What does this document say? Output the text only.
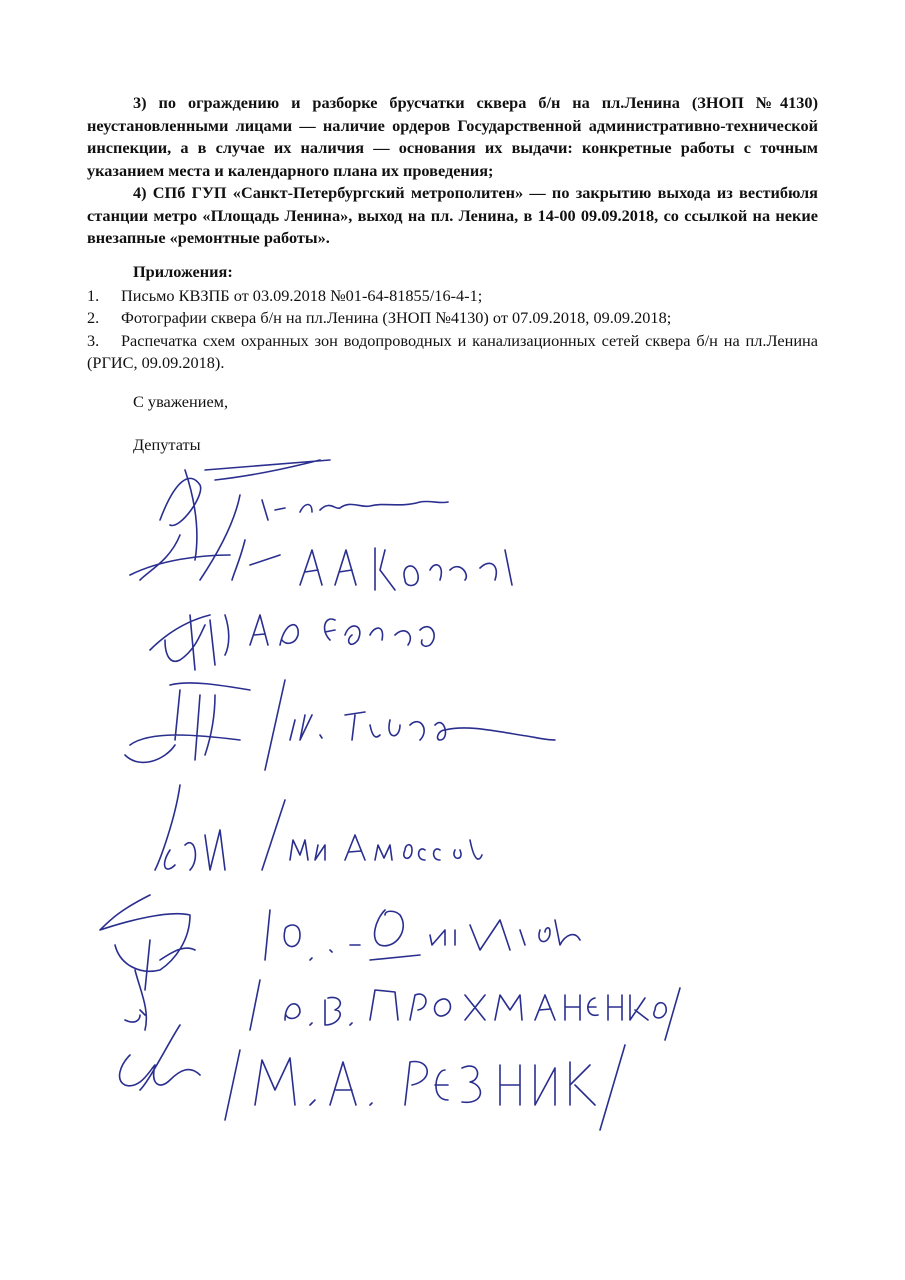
3) по ограждению и разборке брусчатки сквера б/н на пл.Ленина (ЗНОП №4130) неустановленными лицами — наличие ордеров Государственной административно-технической инспекции, а в случае их наличия — основания их выдачи: конкретные работы с точным указанием места и календарного плана их проведения;

4) СПб ГУП «Санкт-Петербургский метрополитен» — по закрытию выхода из вестибюля станции метро «Площадь Ленина», выход на пл. Ленина, в 14-00 09.09.2018, со ссылкой на некие внезапные «ремонтные работы».

Приложения:

1. Письмо КВЗПБ от 03.09.2018 №01-64-81855/16-4-1;

2. Фотографии сквера б/н на пл.Ленина (ЗНОП №4130) от 07.09.2018, 09.09.2018;

3. Распечатка схем охранных зон водопроводных и канализационных сетей сквера б/н на пл.Ленина (РГИС, 09.09.2018).

С уважением,
Депутаты
